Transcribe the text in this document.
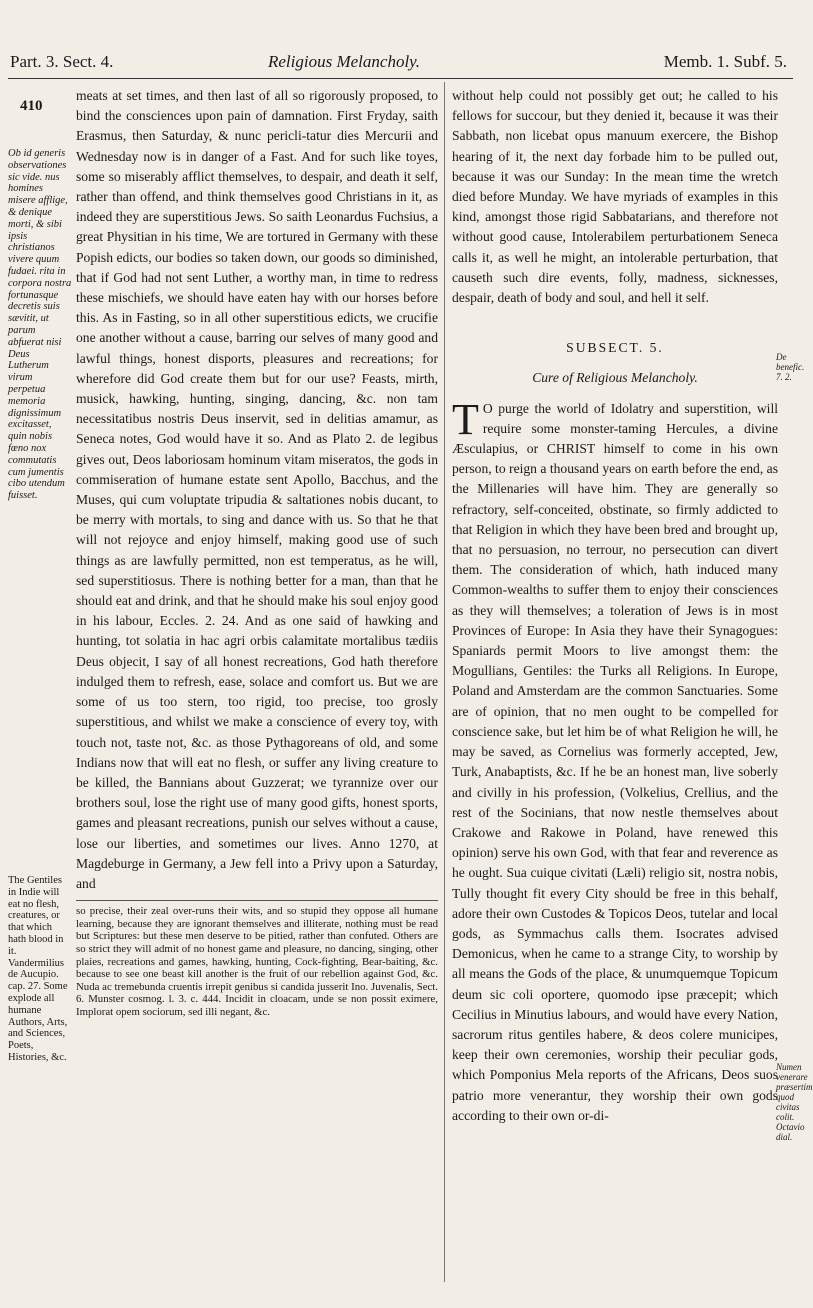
Part. 3. Sect. 4.	Religious Melancholy.	Memb. 1. Subf. 5.
410
Ob id generis observationes sic vide. nus homines misere afflige, & denique morti, & sibi ipsis christianos vivere quum fudaei. rita in corpora nostra fortunasque decretis suis sævitit, ut parum abfuerat nisi Deus Lutherum virum perpetua memoria dignissimum excitasset, quin nobis fœno nox commutatis cum jumentis cibo utendum fuisset.
The Gentiles in Indie will eat no flesh, creatures, or that which hath blood in it. Vandermilius de Aucupio. cap. 27. Some explode all humane Authors, Arts, and Sciences, Poets, Histories, &c.

meats at set times, and then last of all so rigorously proposed, to bind the consciences upon pain of damnation. First Fryday, saith Erasmus, then Saturday, & nunc pericli-tatur dies Mercurii and Wednesday now is in danger of a Fast. And for such like toyes, some so miserably afflict themselves, to despair, and death it self, rather than offend, and think themselves good Christians in it, as indeed they are superstitious Jews. So saith Leonardus Fuchsius, a great Physitian in his time, We are tortured in Germany with these Popish edicts, our bodies so taken down, our goods so diminished, that if God had not sent Luther, a worthy man, in time to redress these mischiefs, we should have eaten hay with our horses before this. As in Fasting, so in all other superstitious edicts, we crucifie one another without a cause, barring our selves of many good and lawful things, honest disports, pleasures and recreations; for wherefore did God create them but for our use? Feasts, mirth, musick, hawking, hunting, singing, dancing, &c. non tam necessitatibus nostris Deus inservit, sed in delitias amamur, as Seneca notes, God would have it so. And as Plato 2. de legibus gives out, Deos laboriosam hominum vitam miseratos, the gods in commiseration of humane estate sent Apollo, Bacchus, and the Muses, qui cum voluptate tripudia & saltationes nobis ducant, to be merry with mortals, to sing and dance with us. So that he that will not rejoyce and enjoy himself, making good use of such things as are lawfully permitted, non est temperatus, as he will, sed superstitiosus. There is nothing better for a man, than that he should eat and drink, and that he should make his soul enjoy good in his labour, Eccles. 2. 24. And as one said of hawking and hunting, tot solatia in hac agri orbis calamitate mortalibus tædiis Deus objecit, I say of all honest recreations, God hath therefore indulged them to refresh, ease, solace and comfort us. But we are some of us too stern, too rigid, too precise, too grosly superstitious, and whilst we make a conscience of every toy, with touch not, taste not, &c. as those Pythagoreans of old, and some Indians now that will eat no flesh, or suffer any living creature to be killed, the Bannians about Guzzerat; we tyrannize over our brothers soul, lose the right use of many good gifts, honest sports, games and pleasant recreations, punish our selves without a cause, lose our liberties, and sometimes our lives. Anno 1270, at Magdeburge in Germany, a Jew fell into a Privy upon a Saturday, and

so precise, their zeal over-runs their wits, and so stupid they oppose all humane learning, because they are ignorant themselves and illiterate, nothing must be read but Scriptures: but these men deserve to be pitied, rather than confuted. Others are so strict they will admit of no honest game and pleasure, no dancing, singing, other plaies, recreations and games, hawking, hunting, Cock-fighting, Bear-baiting, &c. because to see one beast kill another is the fruit of our rebellion against God, &c. Nuda ac tremebunda cruentis irrepit genibus si candida jusserit Ino. Juvenalis, Sect. 6. Munster cosmog. l. 3. c. 444. Incidit in cloacam, unde se non possit eximere, Implorat opem sociorum, sed illi negant, &c.

without help could not possibly get out; he called to his fellows for succour, but they denied it, because it was their Sabbath, non licebat opus manuum exercere, the Bishop hearing of it, the next day forbade him to be pulled out, because it was our Sunday: In the mean time the wretch died before Munday. We have myriads of examples in this kind, amongst those rigid Sabbatarians, and therefore not without good cause, Intolerabilem perturbationem Seneca calls it, as well he might, an intolerable perturbation, that causeth such dire events, folly, madness, sicknesses, despair, death of body and soul, and hell it self.

SUBSECT. 5.
Cure of Religious Melancholy.

T O purge the world of Idolatry and superstition, will require some monster-taming Hercules, a divine Æsculapius, or CHRIST himself to come in his own person, to reign a thousand years on earth before the end, as the Millenaries will have him. They are generally so refractory, self-conceited, obstinate, so firmly addicted to that Religion in which they have been bred and brought up, that no persuasion, no terrour, no persecution can divert them. The consideration of which, hath induced many Common-wealths to suffer them to enjoy their consciences as they will themselves; a toleration of Jews is in most Provinces of Europe: In Asia they have their Synagogues: Spaniards permit Moors to live amongst them: the Mogullians, Gentiles: the Turks all Religions. In Europe, Poland and Amsterdam are the common Sanctuaries. Some are of opinion, that no men ought to be compelled for conscience sake, but let him be of what Religion he will, he may be saved, as Cornelius was formerly accepted, Jew, Turk, Anabaptists, &c. If he be an honest man, live soberly and civilly in his profession, (Volkelius, Crellius, and the rest of the Socinians, that now nestle themselves about Crakowe and Rakowe in Poland, have renewed this opinion) serve his own God, with that fear and reverence as he ought. Sua cuique civitati (Læli) religio sit, nostra nobis, Tully thought fit every City should be free in this behalf, adore their own Custodes & Topicos Deos, tutelar and local gods, as Symmachus calls them. Isocrates advised Demonicus, when he came to a strange City, to worship by all means the Gods of the place, & unumquemque Topicum deum sic coli oportere, quomodo ipse præcepit; which Cecilius in Minutius labours, and would have every Nation, sacrorum ritus gentiles habere, & deos colere municipes, keep their own ceremonies, worship their peculiar gods, which Pomponius Mela reports of the Africans, Deos suos patrio more venerantur, they worship their own gods according to their own or-di-

De benefic. 7. 2.
Numen venerare præsertim quod civitas colit. Octavio dial.
